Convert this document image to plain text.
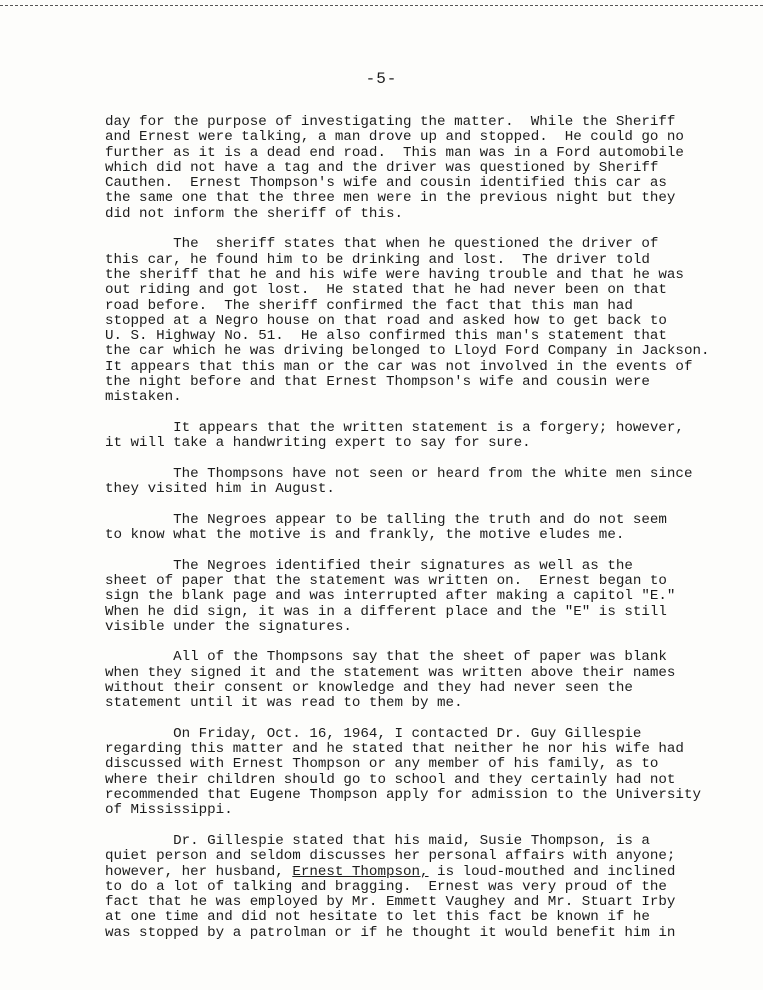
-5-
day for the purpose of investigating the matter.  While the Sheriff
and Ernest were talking, a man drove up and stopped.  He could go no
further as it is a dead end road.  This man was in a Ford automobile
which did not have a tag and the driver was questioned by Sheriff
Cauthen.  Ernest Thompson's wife and cousin identified this car as
the same one that the three men were in the previous night but they
did not inform the sheriff of this.
The  sheriff states that when he questioned the driver of
this car, he found him to be drinking and lost.  The driver told
the sheriff that he and his wife were having trouble and that he was
out riding and got lost.  He stated that he had never been on that
road before.  The sheriff confirmed the fact that this man had
stopped at a Negro house on that road and asked how to get back to
U. S. Highway No. 51.  He also confirmed this man's statement that
the car which he was driving belonged to Lloyd Ford Company in Jackson.
It appears that this man or the car was not involved in the events of
the night before and that Ernest Thompson's wife and cousin were
mistaken.
It appears that the written statement is a forgery; however,
it will take a handwriting expert to say for sure.
The Thompsons have not seen or heard from the white men since
they visited him in August.
The Negroes appear to be talling the truth and do not seem
to know what the motive is and frankly, the motive eludes me.
The Negroes identified their signatures as well as the
sheet of paper that the statement was written on.  Ernest began to
sign the blank page and was interrupted after making a capitol "E."
When he did sign, it was in a different place and the "E" is still
visible under the signatures.
All of the Thompsons say that the sheet of paper was blank
when they signed it and the statement was written above their names
without their consent or knowledge and they had never seen the
statement until it was read to them by me.
On Friday, Oct. 16, 1964, I contacted Dr. Guy Gillespie
regarding this matter and he stated that neither he nor his wife had
discussed with Ernest Thompson or any member of his family, as to
where their children should go to school and they certainly had not
recommended that Eugene Thompson apply for admission to the University
of Mississippi.
Dr. Gillespie stated that his maid, Susie Thompson, is a
quiet person and seldom discusses her personal affairs with anyone;
however, her husband, Ernest Thompson, is loud-mouthed and inclined
to do a lot of talking and bragging.  Ernest was very proud of the
fact that he was employed by Mr. Emmett Vaughey and Mr. Stuart Irby
at one time and did not hesitate to let this fact be known if he
was stopped by a patrolman or if he thought it would benefit him in
